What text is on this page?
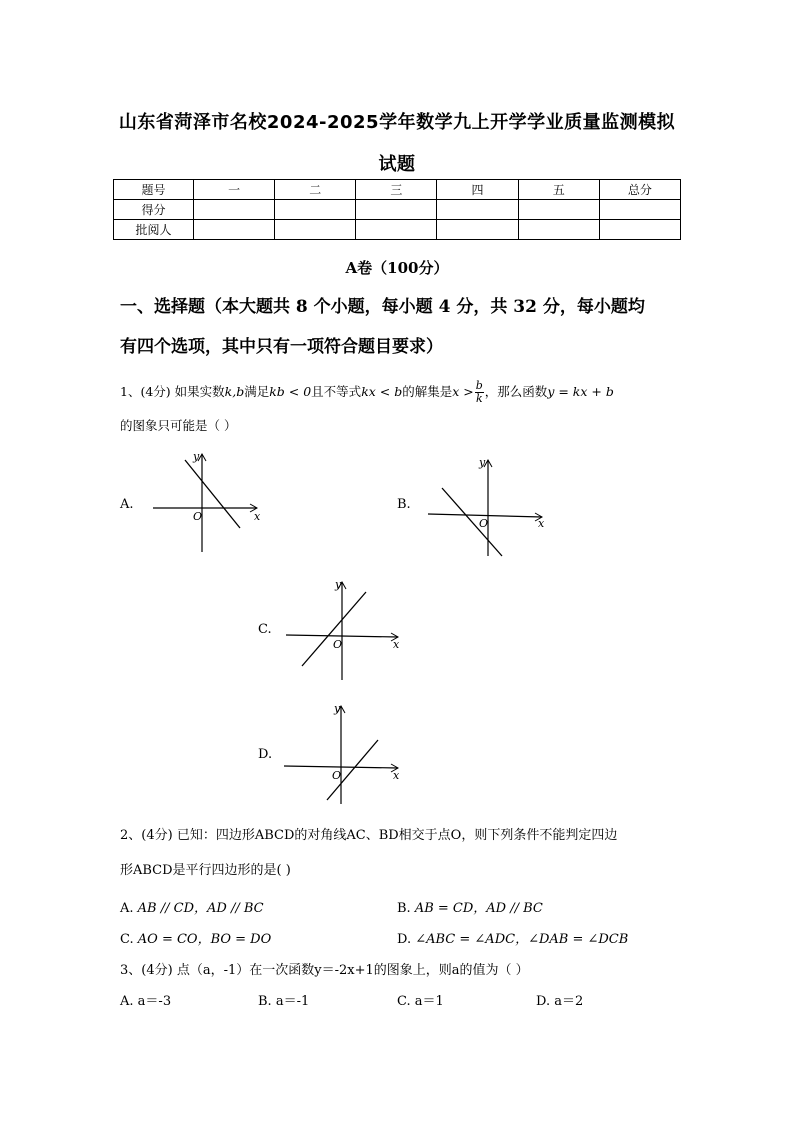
山东省菏泽市名校2024-2025学年数学九上开学学业质量监测模拟
试题
题号	一	二	三	四	五	总分
得分						
批阅人						
A卷（100分）
一、选择题（本大题共 8 个小题，每小题 4 分，共 32 分，每小题均
有四个选项，其中只有一项符合题目要求）
1、(4分) 如果实数k,b满足kb < 0且不等式kx < b的解集是$x > \frac{b}{k}$ ，那么函数y = kx + b
的图象只可能是（ ）
A.	B.
C.
D.
x
y
O
x
y
O
x
y
O
x
y
O
2、(4分) 已知：四边形ABCD的对角线AC、BD相交于点O，则下列条件不能判定四边
形ABCD是平行四边形的是( )
A. AB // CD，AD // BC	B. AB = CD，AD // BC
C. AO = CO，BO = DO	D. ∠ABC = ∠ADC，∠DAB = ∠DCB
3、(4分) 点（a，-1）在一次函数y＝-2x+1的图象上，则a的值为（ ）
A. a＝-3	B. a＝-1	C. a＝1	D. a＝2
